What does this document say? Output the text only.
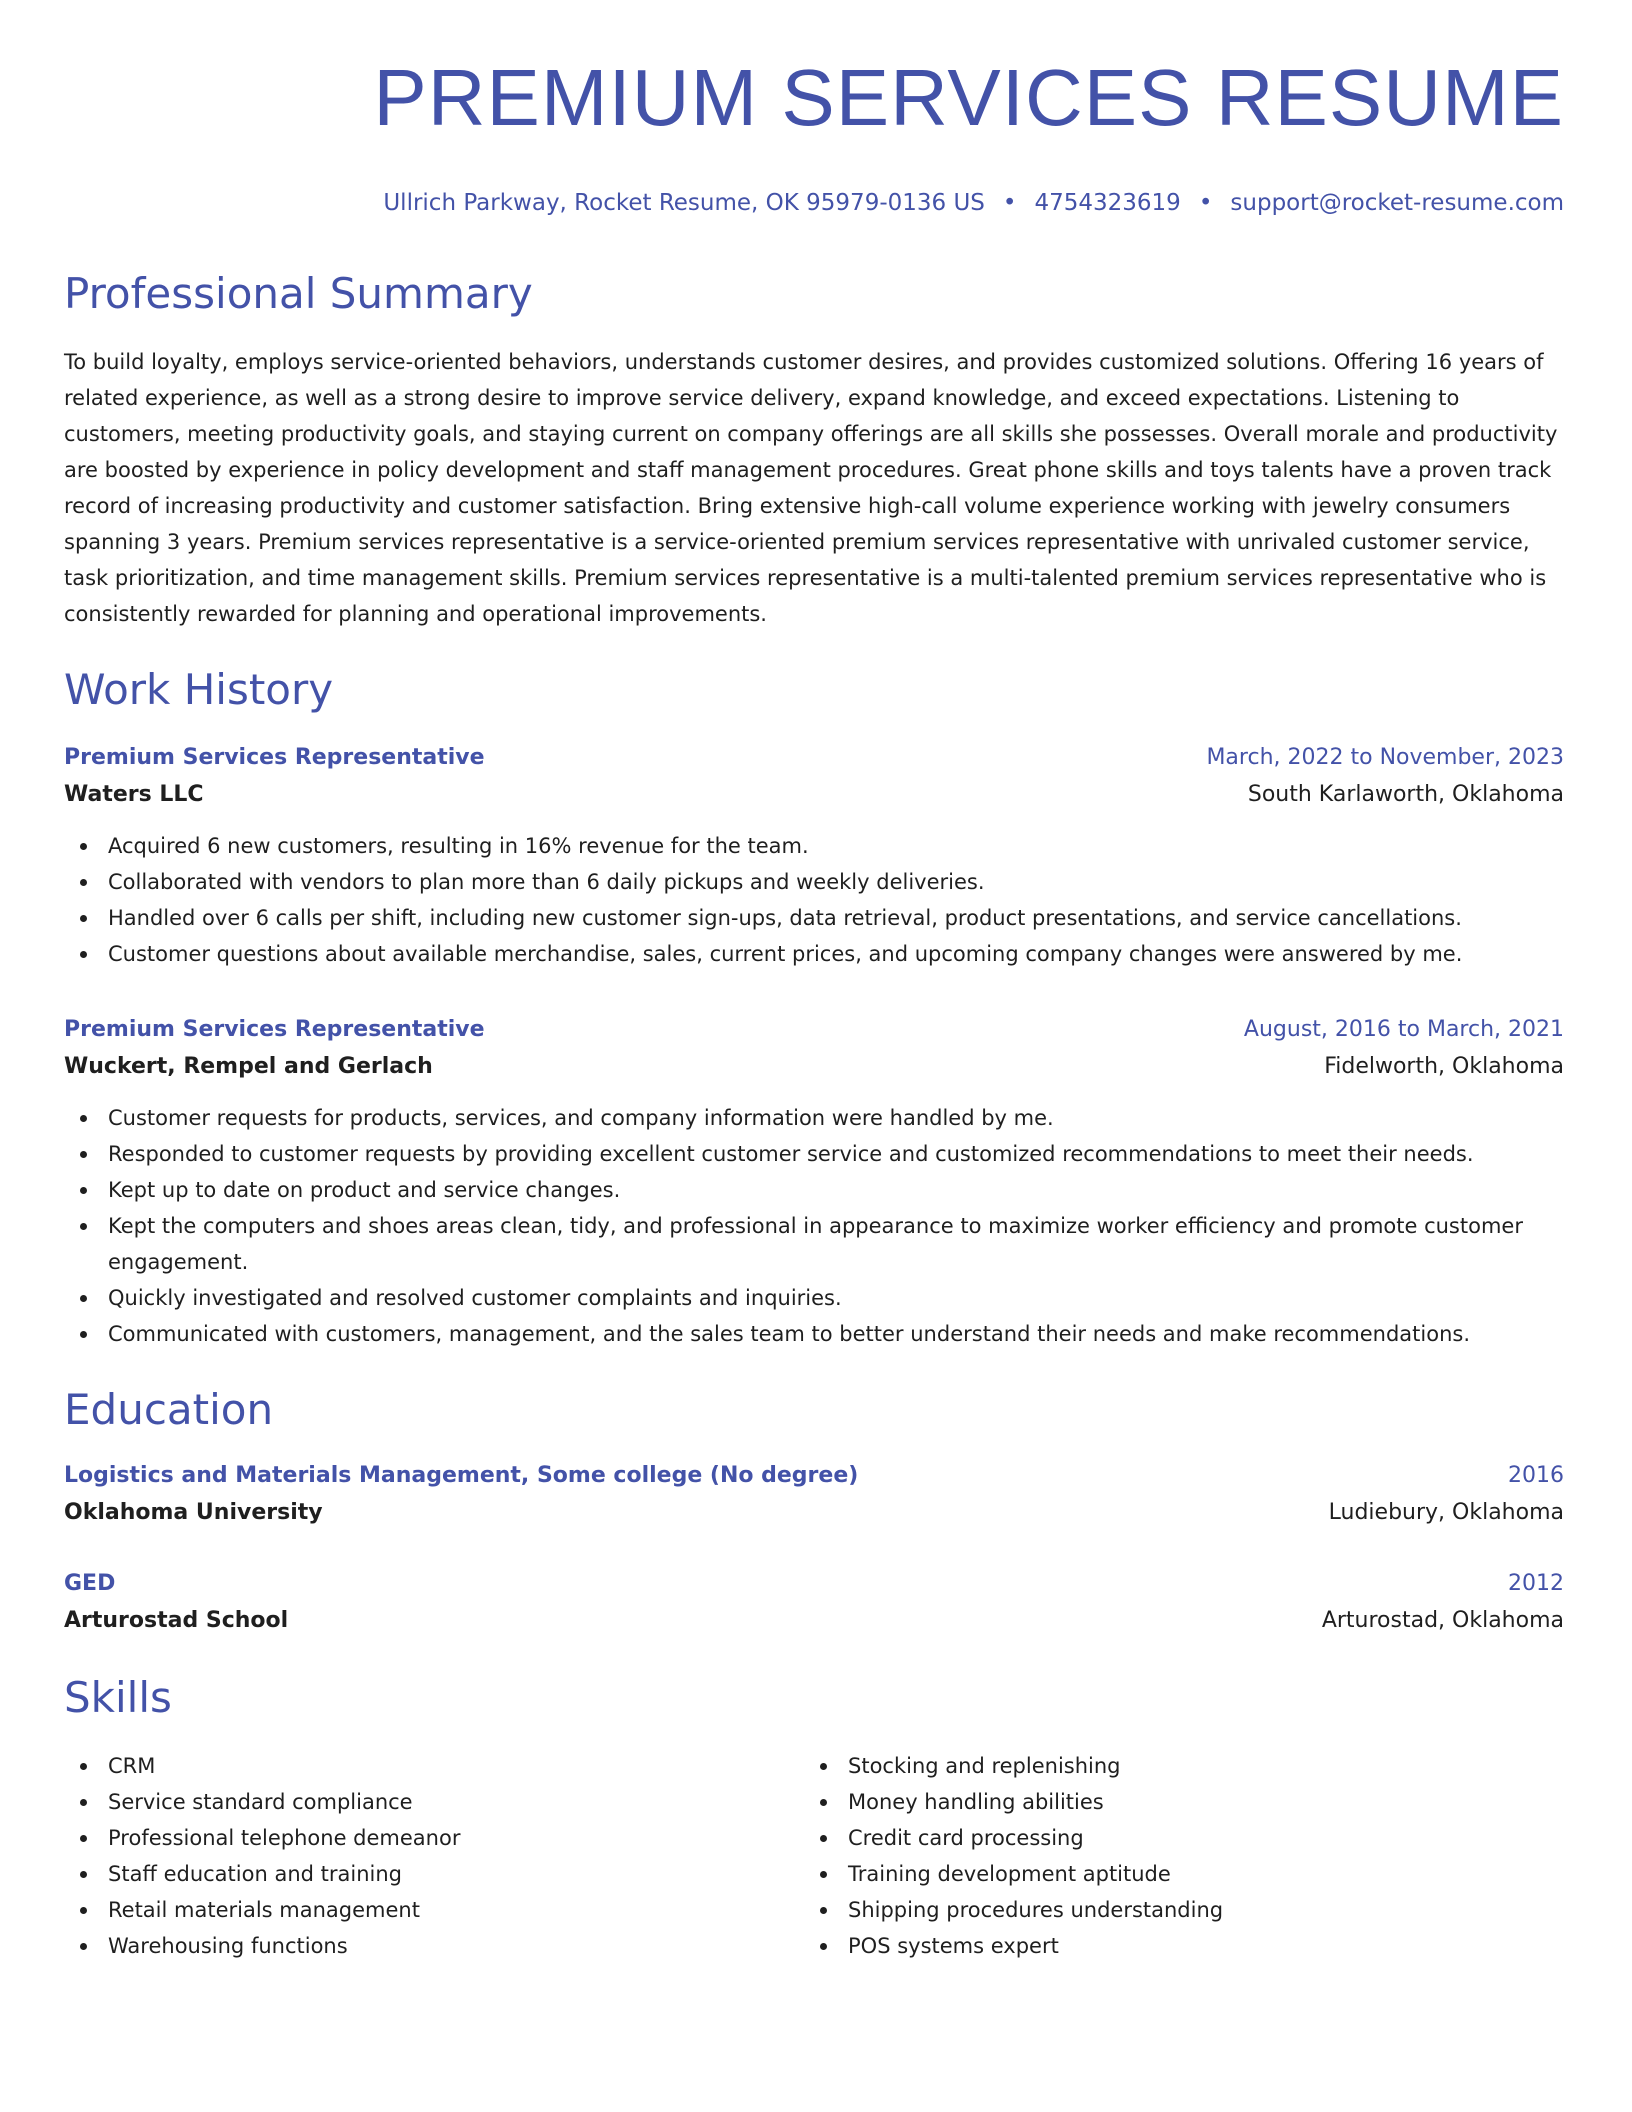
PREMIUM SERVICES RESUME
Ullrich Parkway, Rocket Resume, OK 95979-0136 US • 4754323619 • support@rocket-resume.com
Professional Summary
To build loyalty, employs service-oriented behaviors, understands customer desires, and provides customized solutions. Offering 16 years of related experience, as well as a strong desire to improve service delivery, expand knowledge, and exceed expectations. Listening to customers, meeting productivity goals, and staying current on company offerings are all skills she possesses. Overall morale and productivity are boosted by experience in policy development and staff management procedures. Great phone skills and toys talents have a proven track record of increasing productivity and customer satisfaction. Bring extensive high-call volume experience working with jewelry consumers spanning 3 years. Premium services representative is a service-oriented premium services representative with unrivaled customer service, task prioritization, and time management skills. Premium services representative is a multi-talented premium services representative who is consistently rewarded for planning and operational improvements.
Work History
Premium Services Representative	March, 2022 to November, 2023
Waters LLC	South Karlaworth, Oklahoma
Acquired 6 new customers, resulting in 16% revenue for the team.
Collaborated with vendors to plan more than 6 daily pickups and weekly deliveries.
Handled over 6 calls per shift, including new customer sign-ups, data retrieval, product presentations, and service cancellations.
Customer questions about available merchandise, sales, current prices, and upcoming company changes were answered by me.
Premium Services Representative	August, 2016 to March, 2021
Wuckert, Rempel and Gerlach	Fidelworth, Oklahoma
Customer requests for products, services, and company information were handled by me.
Responded to customer requests by providing excellent customer service and customized recommendations to meet their needs.
Kept up to date on product and service changes.
Kept the computers and shoes areas clean, tidy, and professional in appearance to maximize worker efficiency and promote customer engagement.
Quickly investigated and resolved customer complaints and inquiries.
Communicated with customers, management, and the sales team to better understand their needs and make recommendations.
Education
Logistics and Materials Management, Some college (No degree)	2016
Oklahoma University	Ludiebury, Oklahoma
GED	2012
Arturostad School	Arturostad, Oklahoma
Skills
CRM
Service standard compliance
Professional telephone demeanor
Staff education and training
Retail materials management
Warehousing functions
Stocking and replenishing
Money handling abilities
Credit card processing
Training development aptitude
Shipping procedures understanding
POS systems expert
